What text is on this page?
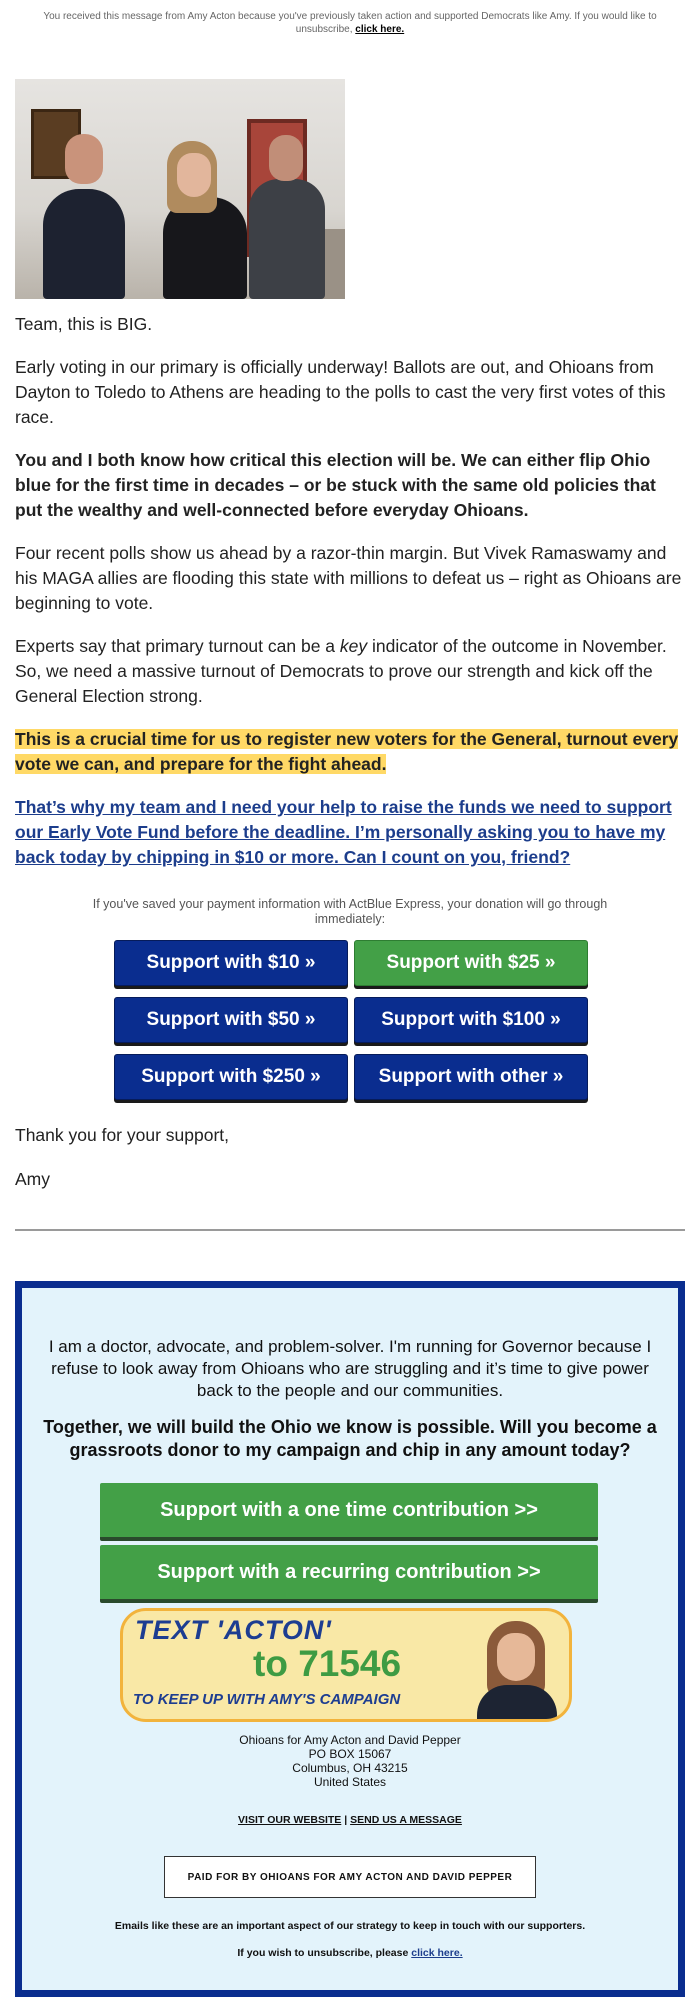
You received this message from Amy Acton because you've previously taken action and supported Democrats like Amy. If you would like to unsubscribe, click here.

Team, this is BIG.

Early voting in our primary is officially underway! Ballots are out, and Ohioans from Dayton to Toledo to Athens are heading to the polls to cast the very first votes of this race.

You and I both know how critical this election will be. We can either flip Ohio blue for the first time in decades – or be stuck with the same old policies that put the wealthy and well-connected before everyday Ohioans.

Four recent polls show us ahead by a razor-thin margin. But Vivek Ramaswamy and his MAGA allies are flooding this state with millions to defeat us – right as Ohioans are beginning to vote.

Experts say that primary turnout can be a key indicator of the outcome in November. So, we need a massive turnout of Democrats to prove our strength and kick off the General Election strong.

This is a crucial time for us to register new voters for the General, turnout every vote we can, and prepare for the fight ahead.

That’s why my team and I need your help to raise the funds we need to support our Early Vote Fund before the deadline. I’m personally asking you to have my back today by chipping in $10 or more. Can I count on you, friend?

If you've saved your payment information with ActBlue Express, your donation will go through immediately:
Support with $10 »	Support with $25 »
Support with $50 »	Support with $100 »
Support with $250 »	Support with other »
Thank you for your support,
Amy
I am a doctor, advocate, and problem-solver. I'm running for Governor because I refuse to look away from Ohioans who are struggling and it’s time to give power back to the people and our communities.
Together, we will build the Ohio we know is possible. Will you become a grassroots donor to my campaign and chip in any amount today?
Support with a one time contribution >>
Support with a recurring contribution >>
TEXT 'ACTON'
to 71546
TO KEEP UP WITH AMY'S CAMPAIGN
Ohioans for Amy Acton and David Pepper
PO BOX 15067
Columbus, OH 43215
United States
VISIT OUR WEBSITE | SEND US A MESSAGE
PAID FOR BY OHIOANS FOR AMY ACTON AND DAVID PEPPER
Emails like these are an important aspect of our strategy to keep in touch with our supporters.
If you wish to unsubscribe, please click here.
